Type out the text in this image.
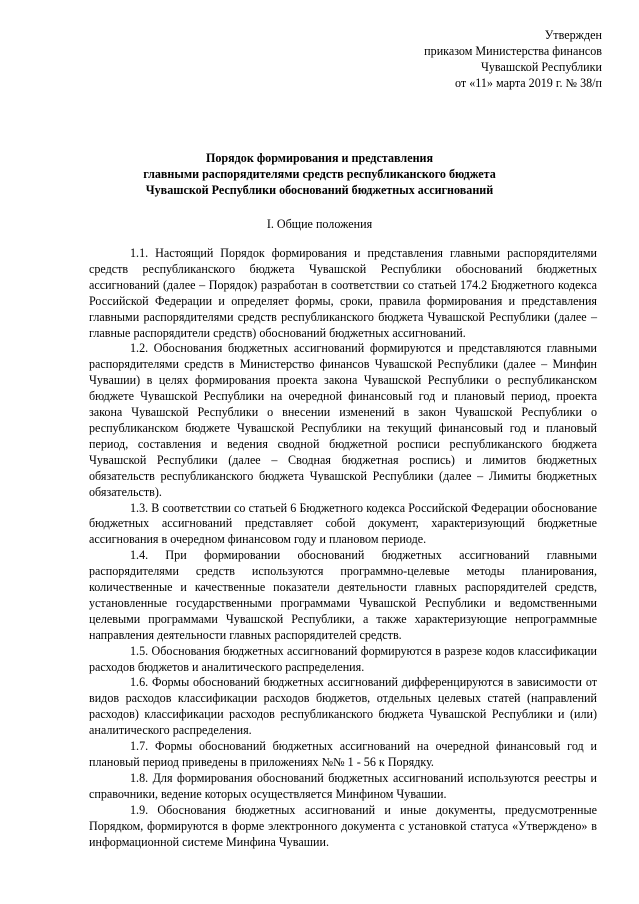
Утвержден
приказом Министерства финансов
Чувашской Республики
от «11» марта 2019 г. № 38/п
Порядок формирования и представления
главными распорядителями средств республиканского бюджета
Чувашской Республики обоснований бюджетных ассигнований
I. Общие положения

1.1. Настоящий Порядок формирования и представления главными распорядителями средств республиканского бюджета Чувашской Республики обоснований бюджетных ассигнований (далее – Порядок) разработан в соответствии со статьей 174.2 Бюджетного кодекса Российской Федерации и определяет формы, сроки, правила формирования и представления главными распорядителями средств республиканского бюджета Чувашской Республики (далее – главные распорядители средств) обоснований бюджетных ассигнований.

1.2. Обоснования бюджетных ассигнований формируются и представляются главными распорядителями средств в Министерство финансов Чувашской Республики (далее – Минфин Чувашии) в целях формирования проекта закона Чувашской Республики о республиканском бюджете Чувашской Республики на очередной финансовый год и плановый период, проекта закона Чувашской Республики о внесении изменений в закон Чувашской Республики о республиканском бюджете Чувашской Республики на текущий финансовый год и плановый период, составления и ведения сводной бюджетной росписи республиканского бюджета Чувашской Республики (далее – Сводная бюджетная роспись) и лимитов бюджетных обязательств республиканского бюджета Чувашской Республики (далее – Лимиты бюджетных обязательств).

1.3. В соответствии со статьей 6 Бюджетного кодекса Российской Федерации обоснование бюджетных ассигнований представляет собой документ, характеризующий бюджетные ассигнования в очередном финансовом году и плановом периоде.

1.4. При формировании обоснований бюджетных ассигнований главными распорядителями средств используются программно-целевые методы планирования, количественные и качественные показатели деятельности главных распорядителей средств, установленные государственными программами Чувашской Республики и ведомственными целевыми программами Чувашской Республики, а также характеризующие непрограммные направления деятельности главных распорядителей средств.

1.5. Обоснования бюджетных ассигнований формируются в разрезе кодов классификации расходов бюджетов и аналитического распределения.

1.6. Формы обоснований бюджетных ассигнований дифференцируются в зависимости от видов расходов классификации расходов бюджетов, отдельных целевых статей (направлений расходов) классификации расходов республиканского бюджета Чувашской Республики и (или) аналитического распределения.

1.7. Формы обоснований бюджетных ассигнований на очередной финансовый год и плановый период приведены в приложениях №№ 1 - 56 к Порядку.

1.8. Для формирования обоснований бюджетных ассигнований используются реестры и справочники, ведение которых осуществляется Минфином Чувашии.

1.9. Обоснования бюджетных ассигнований и иные документы, предусмотренные Порядком, формируются в форме электронного документа с установкой статуса «Утверждено» в информационной системе Минфина Чувашии.
